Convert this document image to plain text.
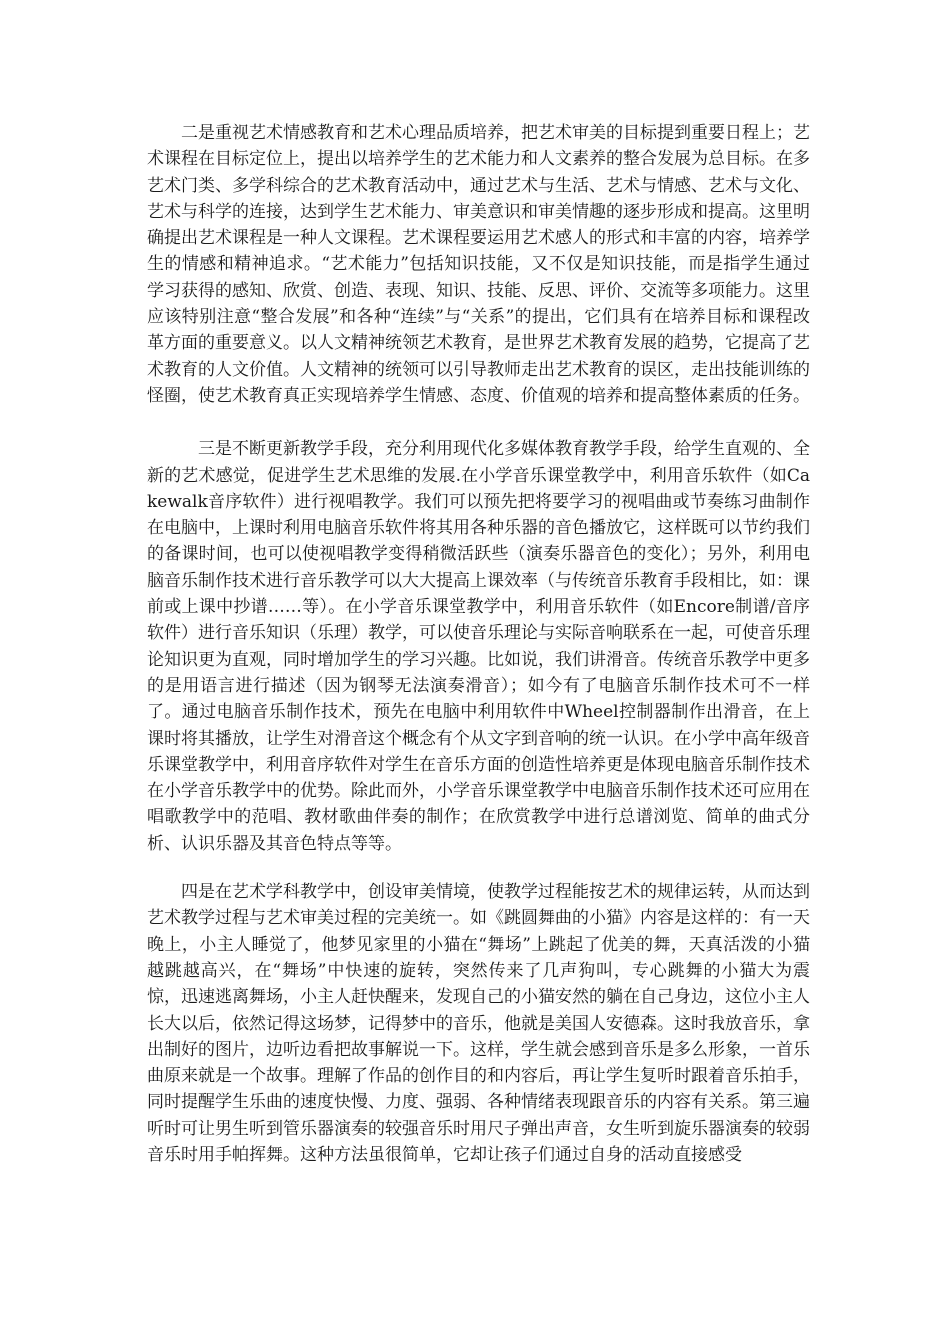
二是重视艺术情感教育和艺术心理品质培养，把艺术审美的目标提到重要日程上；艺术课程在目标定位上，提出以培养学生的艺术能力和人文素养的整合发展为总目标。在多艺术门类、多学科综合的艺术教育活动中，通过艺术与生活、艺术与情感、艺术与文化、艺术与科学的连接，达到学生艺术能力、审美意识和审美情趣的逐步形成和提高。这里明确提出艺术课程是一种人文课程。艺术课程要运用艺术感人的形式和丰富的内容，培养学生的情感和精神追求。“艺术能力”包括知识技能，又不仅是知识技能，而是指学生通过学习获得的感知、欣赏、创造、表现、知识、技能、反思、评价、交流等多项能力。这里应该特别注意“整合发展”和各种“连续”与“关系”的提出，它们具有在培养目标和课程改革方面的重要意义。以人文精神统领艺术教育，是世界艺术教育发展的趋势，它提高了艺术教育的人文价值。人文精神的统领可以引导教师走出艺术教育的误区，走出技能训练的怪圈，使艺术教育真正实现培养学生情感、态度、价值观的培养和提高整体素质的任务。

三是不断更新教学手段，充分利用现代化多媒体教育教学手段，给学生直观的、全新的艺术感觉，促进学生艺术思维的发展.在小学音乐课堂教学中，利用音乐软件（如Cakewalk音序软件）进行视唱教学。我们可以预先把将要学习的视唱曲或节奏练习曲制作在电脑中，上课时利用电脑音乐软件将其用各种乐器的音色播放它，这样既可以节约我们的备课时间，也可以使视唱教学变得稍微活跃些（演奏乐器音色的变化）；另外，利用电脑音乐制作技术进行音乐教学可以大大提高上课效率（与传统音乐教育手段相比，如：课前或上课中抄谱……等）。在小学音乐课堂教学中，利用音乐软件（如Encore制谱/音序软件）进行音乐知识（乐理）教学，可以使音乐理论与实际音响联系在一起，可使音乐理论知识更为直观，同时增加学生的学习兴趣。比如说，我们讲滑音。传统音乐教学中更多的是用语言进行描述（因为钢琴无法演奏滑音）；如今有了电脑音乐制作技术可不一样了。通过电脑音乐制作技术，预先在电脑中利用软件中Wheel控制器制作出滑音，在上课时将其播放，让学生对滑音这个概念有个从文字到音响的统一认识。在小学中高年级音乐课堂教学中，利用音序软件对学生在音乐方面的创造性培养更是体现电脑音乐制作技术在小学音乐教学中的优势。除此而外，小学音乐课堂教学中电脑音乐制作技术还可应用在唱歌教学中的范唱、教材歌曲伴奏的制作；在欣赏教学中进行总谱浏览、简单的曲式分析、认识乐器及其音色特点等等。

四是在艺术学科教学中，创设审美情境，使教学过程能按艺术的规律运转，从而达到艺术教学过程与艺术审美过程的完美统一。如《跳圆舞曲的小猫》内容是这样的：有一天晚上，小主人睡觉了，他梦见家里的小猫在“舞场”上跳起了优美的舞，天真活泼的小猫越跳越高兴，在“舞场”中快速的旋转，突然传来了几声狗叫，专心跳舞的小猫大为震惊，迅速逃离舞场，小主人赶快醒来，发现自己的小猫安然的躺在自己身边，这位小主人长大以后，依然记得这场梦，记得梦中的音乐，他就是美国人安德森。这时我放音乐，拿出制好的图片，边听边看把故事解说一下。这样，学生就会感到音乐是多么形象，一首乐曲原来就是一个故事。理解了作品的创作目的和内容后，再让学生复听时跟着音乐拍手，同时提醒学生乐曲的速度快慢、力度、强弱、各种情绪表现跟音乐的内容有关系。第三遍听时可让男生听到管乐器演奏的较强音乐时用尺子弹出声音，女生听到旋乐器演奏的较弱音乐时用手帕挥舞。这种方法虽很简单，它却让孩子们通过自身的活动直接感受
